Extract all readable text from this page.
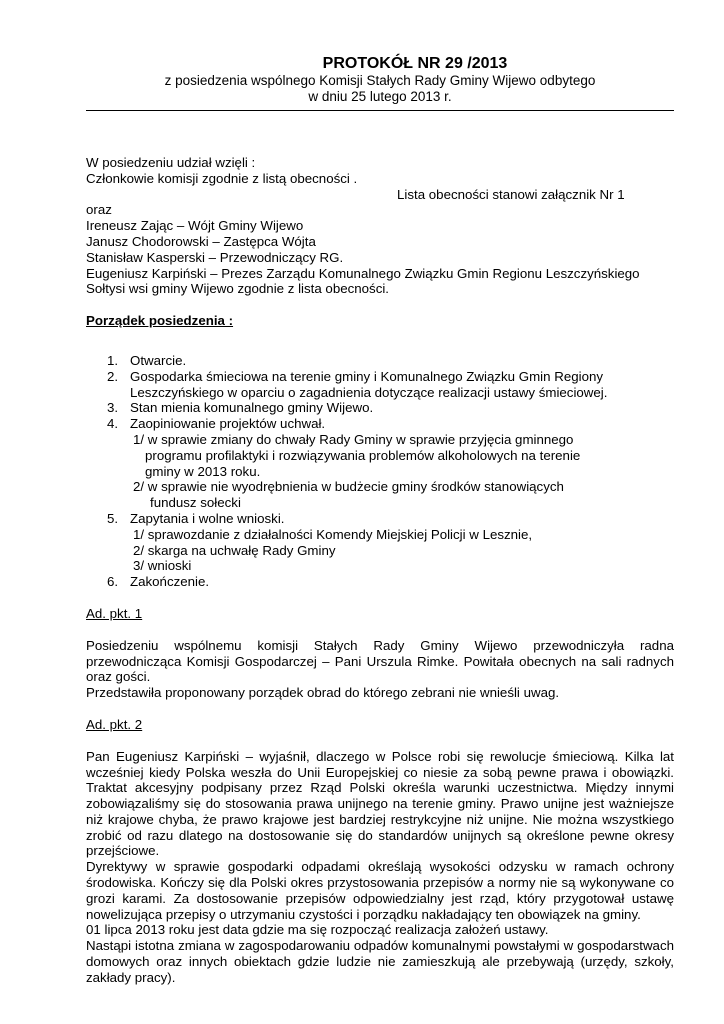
PROTOKÓŁ NR 29 /2013
z posiedzenia wspólnego Komisji Stałych Rady Gminy Wijewo odbytego
w dniu 25 lutego 2013 r.
W posiedzeniu udział wzięli :
Członkowie komisji zgodnie z listą obecności .
Lista obecności stanowi załącznik Nr 1
oraz
Ireneusz Zając – Wójt Gminy Wijewo
Janusz Chodorowski – Zastępca Wójta
Stanisław Kasperski – Przewodniczący RG.
Eugeniusz Karpiński – Prezes Zarządu Komunalnego Związku Gmin Regionu Leszczyńskiego
Sołtysi wsi gminy Wijewo zgodnie z lista obecności.
Porządek posiedzenia :
1. Otwarcie.
2. Gospodarka śmieciowa na terenie gminy i Komunalnego Związku Gmin Regiony
Leszczyńskiego w oparciu o zagadnienia dotyczące realizacji ustawy śmieciowej.
3. Stan mienia komunalnego gminy Wijewo.
4. Zaopiniowanie projektów uchwał.
1/ w sprawie zmiany do chwały Rady Gminy w sprawie przyjęcia gminnego
programu profilaktyki i rozwiązywania problemów alkoholowych na terenie
gminy w 2013 roku.
2/ w sprawie nie wyodrębnienia w budżecie gminy środków stanowiących
fundusz sołecki
5. Zapytania i wolne wnioski.
1/ sprawozdanie z działalności Komendy Miejskiej Policji w Lesznie,
2/ skarga na uchwałę Rady Gminy
3/ wnioski
6. Zakończenie.
Ad. pkt. 1
Posiedzeniu wspólnemu komisji Stałych Rady Gminy Wijewo przewodniczyła radna przewodnicząca Komisji Gospodarczej – Pani Urszula Rimke. Powitała obecnych na sali radnych oraz gości.
Przedstawiła proponowany porządek obrad do którego zebrani nie wnieśli uwag.
Ad. pkt. 2
Pan Eugeniusz Karpiński – wyjaśnił, dlaczego w Polsce robi się rewolucje śmieciową. Kilka lat wcześniej kiedy Polska weszła do Unii Europejskiej co niesie za sobą pewne prawa i obowiązki. Traktat akcesyjny podpisany przez Rząd Polski określa warunki uczestnictwa. Między innymi zobowiązaliśmy się do stosowania prawa unijnego na terenie gminy. Prawo unijne jest ważniejsze niż krajowe chyba, że prawo krajowe jest bardziej restrykcyjne niż unijne. Nie można wszystkiego zrobić od razu dlatego na dostosowanie się do standardów unijnych są określone pewne okresy przejściowe.
Dyrektywy w sprawie gospodarki odpadami określają wysokości odzysku w ramach ochrony środowiska. Kończy się dla Polski okres przystosowania przepisów a normy nie są wykonywane co grozi karami. Za dostosowanie przepisów odpowiedzialny jest rząd, który przygotował ustawę nowelizująca przepisy o utrzymaniu czystości i porządku nakładający ten obowiązek na gminy.
01 lipca 2013 roku jest data gdzie ma się rozpocząć realizacja założeń ustawy.
Nastąpi istotna zmiana w zagospodarowaniu odpadów komunalnymi powstałymi w gospodarstwach domowych oraz innych obiektach gdzie ludzie nie zamieszkują ale przebywają (urzędy, szkoły, zakłady pracy).
